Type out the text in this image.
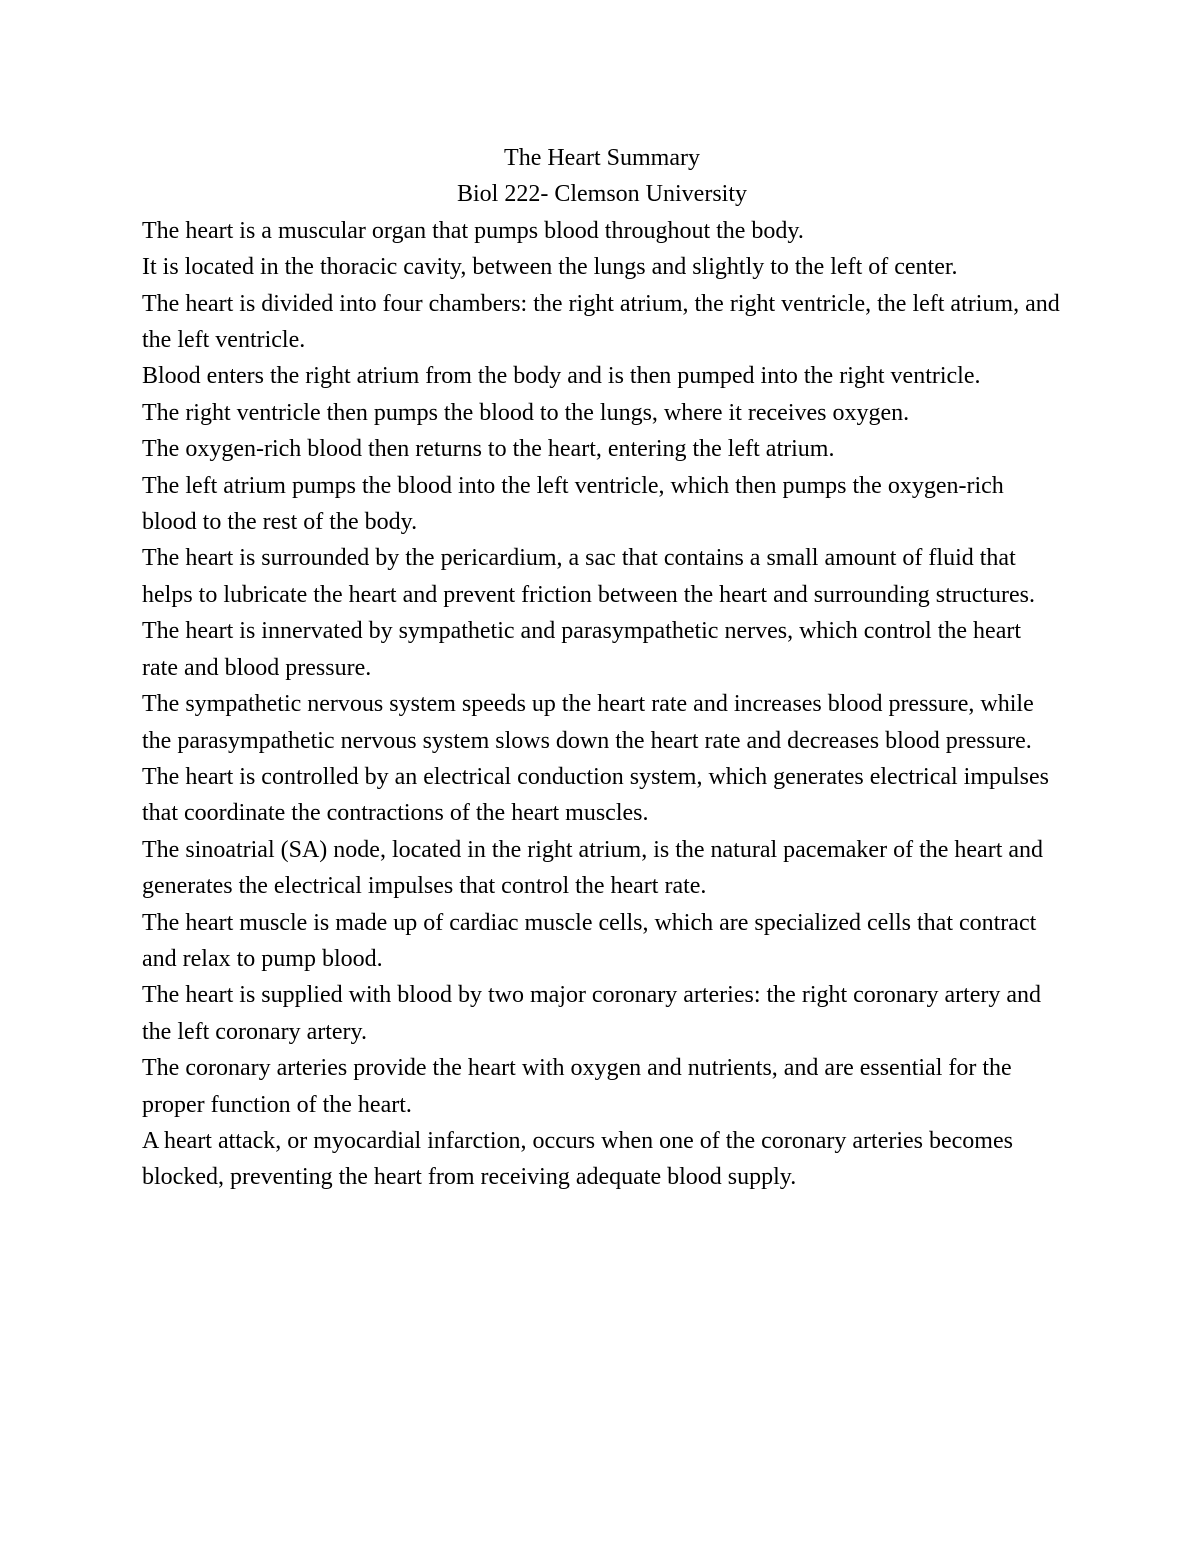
The Heart Summary

Biol 222- Clemson University

The heart is a muscular organ that pumps blood throughout the body.

It is located in the thoracic cavity, between the lungs and slightly to the left of center.

The heart is divided into four chambers: the right atrium, the right ventricle, the left atrium, and the left ventricle.

Blood enters the right atrium from the body and is then pumped into the right ventricle.

The right ventricle then pumps the blood to the lungs, where it receives oxygen.

The oxygen-rich blood then returns to the heart, entering the left atrium.

The left atrium pumps the blood into the left ventricle, which then pumps the oxygen-rich blood to the rest of the body.

The heart is surrounded by the pericardium, a sac that contains a small amount of fluid that helps to lubricate the heart and prevent friction between the heart and surrounding structures.

The heart is innervated by sympathetic and parasympathetic nerves, which control the heart rate and blood pressure.

The sympathetic nervous system speeds up the heart rate and increases blood pressure, while the parasympathetic nervous system slows down the heart rate and decreases blood pressure.

The heart is controlled by an electrical conduction system, which generates electrical impulses that coordinate the contractions of the heart muscles.

The sinoatrial (SA) node, located in the right atrium, is the natural pacemaker of the heart and generates the electrical impulses that control the heart rate.

The heart muscle is made up of cardiac muscle cells, which are specialized cells that contract and relax to pump blood.

The heart is supplied with blood by two major coronary arteries: the right coronary artery and the left coronary artery.

The coronary arteries provide the heart with oxygen and nutrients, and are essential for the proper function of the heart.

A heart attack, or myocardial infarction, occurs when one of the coronary arteries becomes blocked, preventing the heart from receiving adequate blood supply.
